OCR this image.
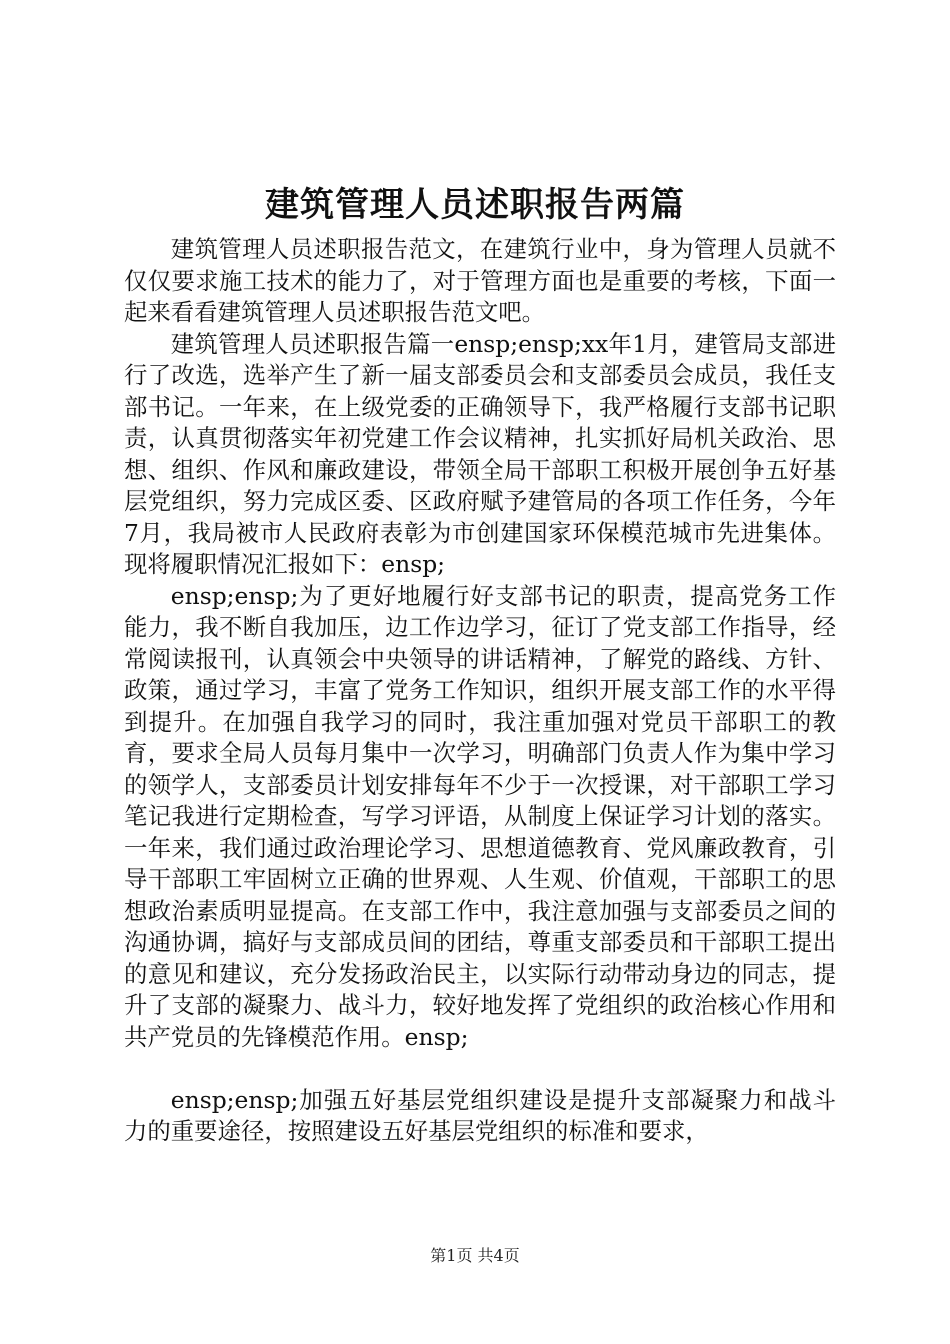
建筑管理人员述职报告两篇

建筑管理人员述职报告范文，在建筑行业中，身为管理人员就不仅仅要求施工技术的能力了，对于管理方面也是重要的考核，下面一起来看看建筑管理人员述职报告范文吧。

建筑管理人员述职报告篇一ensp;ensp;xx年1月，建管局支部进行了改选，选举产生了新一届支部委员会和支部委员会成员，我任支部书记。一年来，在上级党委的正确领导下，我严格履行支部书记职责，认真贯彻落实年初党建工作会议精神，扎实抓好局机关政治、思想、组织、作风和廉政建设，带领全局干部职工积极开展创争五好基层党组织，努力完成区委、区政府赋予建管局的各项工作任务，今年7月，我局被市人民政府表彰为市创建国家环保模范城市先进集体。现将履职情况汇报如下：ensp;

ensp;ensp;为了更好地履行好支部书记的职责，提高党务工作能力，我不断自我加压，边工作边学习，征订了党支部工作指导，经常阅读报刊，认真领会中央领导的讲话精神，了解党的路线、方针、政策，通过学习，丰富了党务工作知识，组织开展支部工作的水平得到提升。在加强自我学习的同时，我注重加强对党员干部职工的教育，要求全局人员每月集中一次学习，明确部门负责人作为集中学习的领学人，支部委员计划安排每年不少于一次授课，对干部职工学习笔记我进行定期检查，写学习评语，从制度上保证学习计划的落实。一年来，我们通过政治理论学习、思想道德教育、党风廉政教育，引导干部职工牢固树立正确的世界观、人生观、价值观，干部职工的思想政治素质明显提高。在支部工作中，我注意加强与支部委员之间的沟通协调，搞好与支部成员间的团结，尊重支部委员和干部职工提出的意见和建议，充分发扬政治民主，以实际行动带动身边的同志，提升了支部的凝聚力、战斗力，较好地发挥了党组织的政治核心作用和共产党员的先锋模范作用。ensp;

ensp;ensp;加强五好基层党组织建设是提升支部凝聚力和战斗力的重要途径，按照建设五好基层党组织的标准和要求，

第1页 共4页
